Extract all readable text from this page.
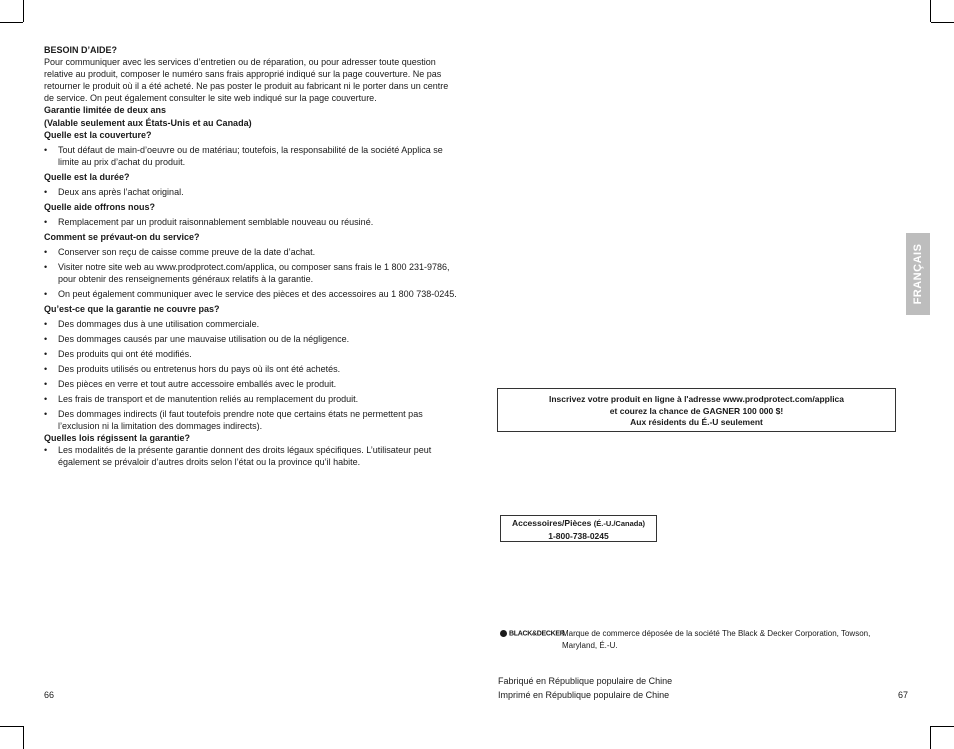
BESOIN D’AIDE?

Pour communiquer avec les services d’entretien ou de réparation, ou pour adresser toute question relative au produit, composer le numéro sans frais approprié indiqué sur la page couverture. Ne pas retourner le produit où il a été acheté. Ne pas poster le produit au fabricant ni le porter dans un centre de service. On peut également consulter le site web indiqué sur la page couverture.

Garantie limitée de deux ans

(Valable seulement aux États-Unis et au Canada)

Quelle est la couverture?

• Tout défaut de main-d’oeuvre ou de matériau; toutefois, la responsabilité de la société Applica se limite au prix d’achat du produit.

Quelle est la durée?

• Deux ans après l’achat original.

Quelle aide offrons nous?

• Remplacement par un produit raisonnablement semblable nouveau ou réusiné.

Comment se prévaut-on du service?

• Conserver son reçu de caisse comme preuve de la date d’achat.
• Visiter notre site web au www.prodprotect.com/applica, ou composer sans frais le 1 800 231-9786, pour obtenir des renseignements généraux relatifs à la garantie.
• On peut également communiquer avec le service des pièces et des accessoires au 1 800 738-0245.

Qu’est-ce que la garantie ne couvre pas?

• Des dommages dus à une utilisation commerciale.
• Des dommages causés par une mauvaise utilisation ou de la négligence.
• Des produits qui ont été modifiés.
• Des produits utilisés ou entretenus hors du pays où ils ont été achetés.
• Des pièces en verre et tout autre accessoire emballés avec le produit.
• Les frais de transport et de manutention reliés au remplacement du produit.
• Des dommages indirects (il faut toutefois prendre note que certains états ne permettent pas l’exclusion ni la limitation des dommages indirects).

Quelles lois régissent la garantie?

• Les modalités de la présente garantie donnent des droits légaux spécifiques. L’utilisateur peut également se prévaloir d’autres droits selon l’état ou la province qu’il habite.
66
FRANÇAIS
Inscrivez votre produit en ligne à l'adresse www.prodprotect.com/applica
et courez la chance de GAGNER 100 000 $!
Aux résidents du É.-U seulement
Accessoires/Pièces (É.-U./Canada)
1-800-738-0245
BLACK&DECKER
Marque de commerce déposée de la société The Black & Decker Corporation, Towson, Maryland, É.-U.
Fabriqué en République populaire de Chine
Imprimé en République populaire de Chine	67
